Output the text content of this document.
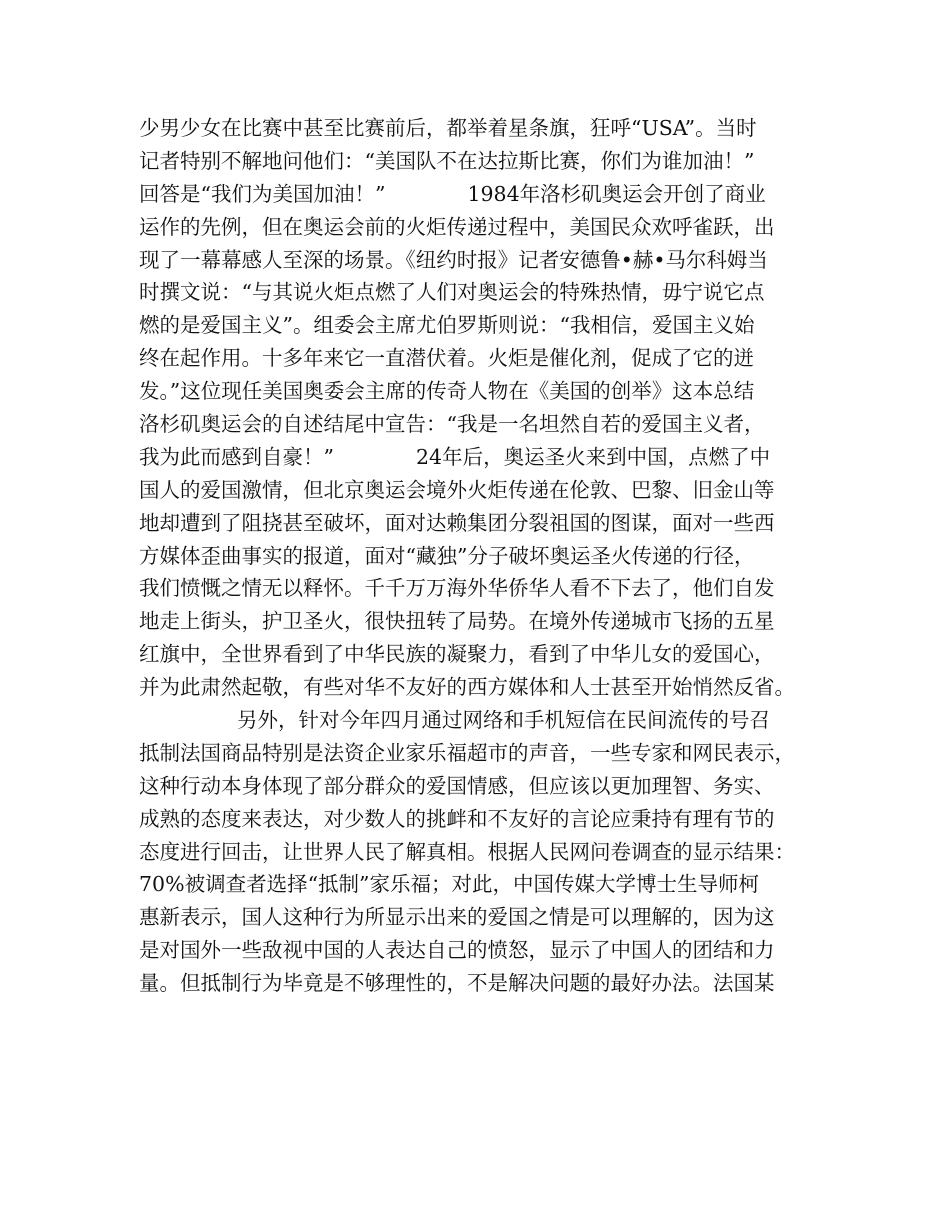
少男少女在比赛中甚至比赛前后，都举着星条旗，狂呼“USA”。当时
记者特别不解地问他们：“美国队不在达拉斯比赛，你们为谁加油！”
回答是“我们为美国加油！”　　　　1984年洛杉矶奥运会开创了商业
运作的先例，但在奥运会前的火炬传递过程中，美国民众欢呼雀跃，出
现了一幕幕感人至深的场景。《纽约时报》记者安德鲁•赫•马尔科姆当
时撰文说：“与其说火炬点燃了人们对奥运会的特殊热情，毋宁说它点
燃的是爱国主义”。组委会主席尤伯罗斯则说：“我相信，爱国主义始
终在起作用。十多年来它一直潜伏着。火炬是催化剂，促成了它的迸
发。”这位现任美国奥委会主席的传奇人物在《美国的创举》这本总结
洛杉矶奥运会的自述结尾中宣告：“我是一名坦然自若的爱国主义者，
我为此而感到自豪！”　　　　24年后，奥运圣火来到中国，点燃了中
国人的爱国激情，但北京奥运会境外火炬传递在伦敦、巴黎、旧金山等
地却遭到了阻挠甚至破坏，面对达赖集团分裂祖国的图谋，面对一些西
方媒体歪曲事实的报道，面对“藏独”分子破坏奥运圣火传递的行径，
我们愤慨之情无以释怀。千千万万海外华侨华人看不下去了，他们自发
地走上街头，护卫圣火，很快扭转了局势。在境外传递城市飞扬的五星
红旗中，全世界看到了中华民族的凝聚力，看到了中华儿女的爱国心，
并为此肃然起敬，有些对华不友好的西方媒体和人士甚至开始悄然反省。
另外，针对今年四月通过网络和手机短信在民间流传的号召
抵制法国商品特别是法资企业家乐福超市的声音，一些专家和网民表示，
这种行动本身体现了部分群众的爱国情感，但应该以更加理智、务实、
成熟的态度来表达，对少数人的挑衅和不友好的言论应秉持有理有节的
态度进行回击，让世界人民了解真相。根据人民网问卷调查的显示结果：
70%被调查者选择“抵制”家乐福；对此，中国传媒大学博士生导师柯
惠新表示，国人这种行为所显示出来的爱国之情是可以理解的，因为这
是对国外一些敌视中国的人表达自己的愤怒，显示了中国人的团结和力
量。但抵制行为毕竟是不够理性的，不是解决问题的最好办法。法国某
